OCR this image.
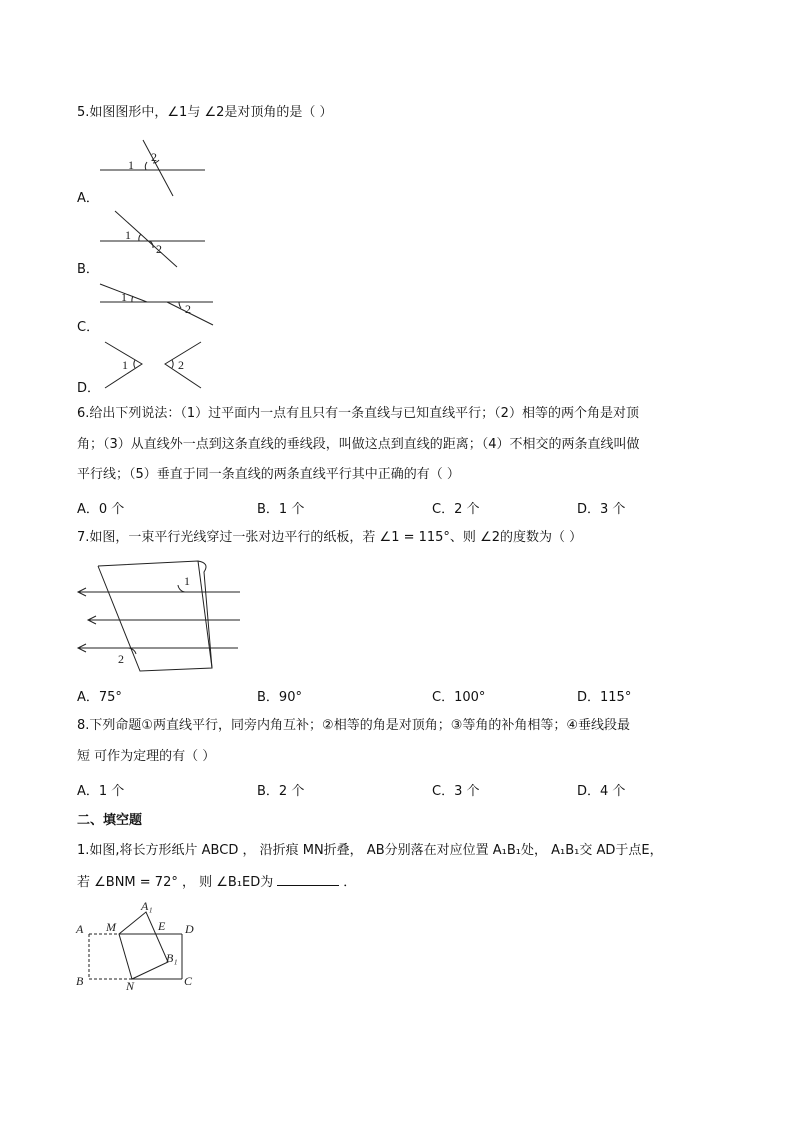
5.如图图形中，∠1与 ∠2是对顶角的是（ ）
1
2
A．
1
2
B．
1
2
C．
1	2
D．
6.给出下列说法：（1）过平面内一点有且只有一条直线与已知直线平行；（2）相等的两个角是对顶
角；（3）从直线外一点到这条直线的垂线段，叫做这点到直线的距离；（4）不相交的两条直线叫做
平行线；（5）垂直于同一条直线的两条直线平行其中正确的有（ ）
A．0 个	B．1 个	C．2 个	D．3 个
7.如图，一束平行光线穿过一张对边平行的纸板，若 ∠1 = 115°、则 ∠2的度数为（ ）
1
2
A．75°	B．90°	C．100°	D．115°
8.下列命题①两直线平行，同旁内角互补；②相等的角是对顶角；③等角的补角相等；④垂线段最
短 可作为定理的有（ ）
A．1 个	B．2 个	C．3 个	D．4 个
二、填空题
1.如图,将长方形纸片 ABCD ， 沿折痕 MN折叠， AB分别落在对应位置 A₁B₁处， A₁B₁交 AD于点E，
若 ∠BNM = 72° ， 则 ∠B₁ED为	．
A
B	C
D
M
N
E
A₁
B₁
